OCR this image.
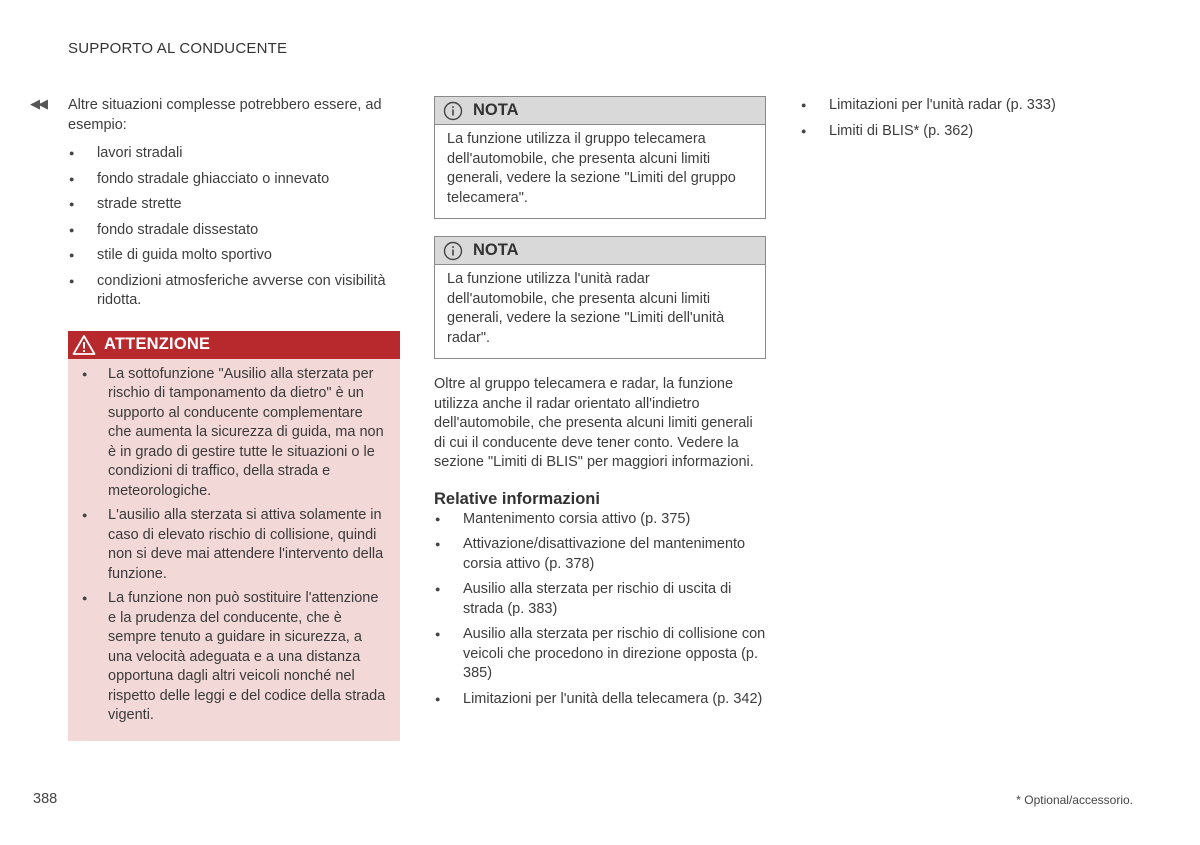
SUPPORTO AL CONDUCENTE
◀◀ Altre situazioni complesse potrebbero essere, ad esempio:

● lavori stradali
● fondo stradale ghiacciato o innevato
● strade strette
● fondo stradale dissestato
● stile di guida molto sportivo
● condizioni atmosferiche avverse con visibilità ridotta.
ATTENZIONE
● La sottofunzione "Ausilio alla sterzata per rischio di tamponamento da dietro" è un supporto al conducente complementare che aumenta la sicurezza di guida, ma non è in grado di gestire tutte le situazioni o le condizioni di traffico, della strada e meteorologiche.
● L'ausilio alla sterzata si attiva solamente in caso di elevato rischio di collisione, quindi non si deve mai attendere l'intervento della funzione.
● La funzione non può sostituire l'attenzione e la prudenza del conducente, che è sempre tenuto a guidare in sicurezza, a una velocità adeguata e a una distanza opportuna dagli altri veicoli nonché nel rispetto delle leggi e del codice della strada vigenti.
NOTA
La funzione utilizza il gruppo telecamera dell'automobile, che presenta alcuni limiti generali, vedere la sezione "Limiti del gruppo telecamera".
NOTA
La funzione utilizza l'unità radar dell'automobile, che presenta alcuni limiti generali, vedere la sezione "Limiti dell'unità radar".

Oltre al gruppo telecamera e radar, la funzione utilizza anche il radar orientato all'indietro dell'automobile, che presenta alcuni limiti generali di cui il conducente deve tener conto. Vedere la sezione "Limiti di BLIS" per maggiori informazioni.

Relative informazioni
● Mantenimento corsia attivo (p. 375)
● Attivazione/disattivazione del mantenimento corsia attivo (p. 378)
● Ausilio alla sterzata per rischio di uscita di strada (p. 383)
● Ausilio alla sterzata per rischio di collisione con veicoli che procedono in direzione opposta (p. 385)
● Limitazioni per l'unità della telecamera (p. 342)
● Limitazioni per l'unità radar (p. 333)
● Limiti di BLIS* (p. 362)
388	* Optional/accessorio.
